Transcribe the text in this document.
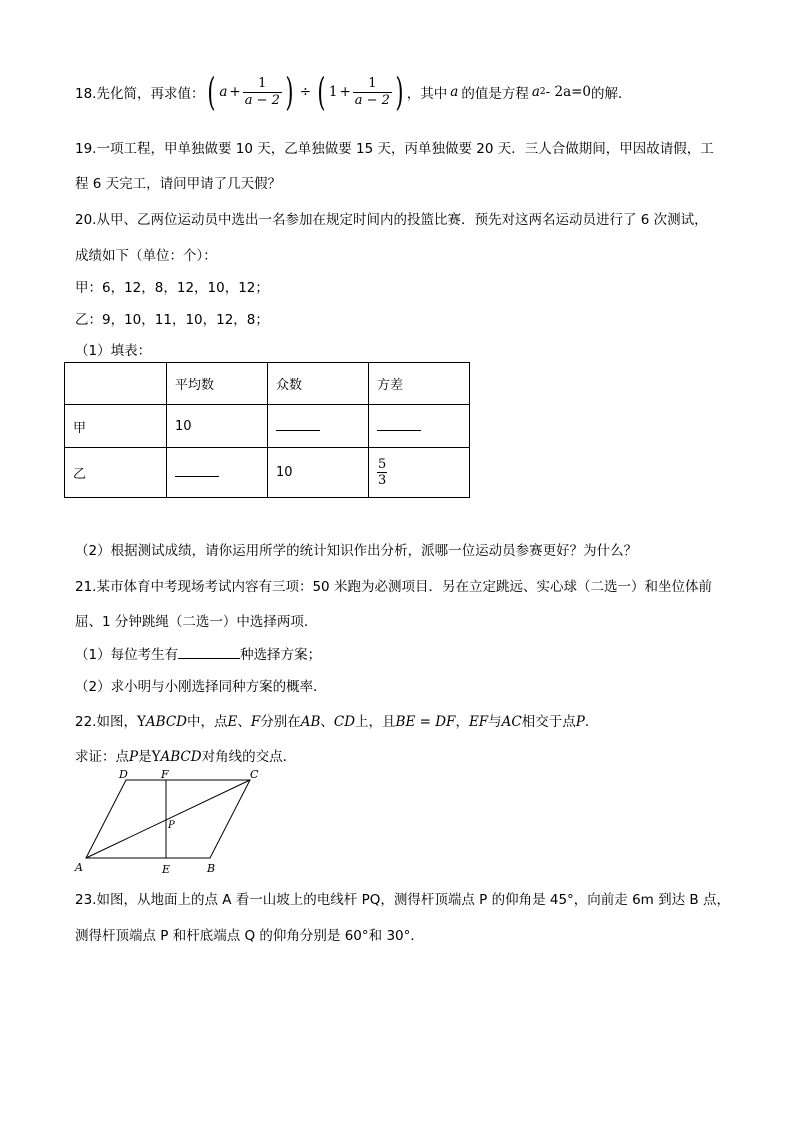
18.先化简，再求值： ( $a + \frac{1}{a - 2}$ ) ÷ ( $1 + \frac{1}{a - 2}$ ) ，其中 a 的值是方程 a 2 - 2a=0 的解．
19.一项工程，甲单独做要 10 天，乙单独做要 15 天，丙单独做要 20 天．三人合做期间，甲因故请假，工
程 6 天完工，请问甲请了几天假？
20.从甲、乙两位运动员中选出一名参加在规定时间内的投篮比赛．预先对这两名运动员进行了 6 次测试，
成绩如下（单位：个）：
甲：6，12，8，12，10，12；
乙：9，10，11，10，12，8；
（1）填表：
	平均数	众数	方差
甲	10		
乙		10	$\frac{5}{3}$
（2）根据测试成绩，请你运用所学的统计知识作出分析，派哪一位运动员参赛更好？为什么？
21.某市体育中考现场考试内容有三项：50 米跑为必测项目．另在立定跳远、实心球（二选一）和坐位体前
屈、1 分钟跳绳（二选一）中选择两项．
（1）每位考生有	种选择方案；
（2）求小明与小刚选择同种方案的概率．
22.如图，YABCD中，点E、F分别在AB、CD上，且BE = DF，EF与AC相交于点P．
求证：点P是YABCD对角线的交点．
D	F	C
P
A	E	B
23.如图，从地面上的点 A 看一山坡上的电线杆 PQ，测得杆顶端点 P 的仰角是 45°，向前走 6m 到达 B 点，
测得杆顶端点 P 和杆底端点 Q 的仰角分别是 60°和 30°．
